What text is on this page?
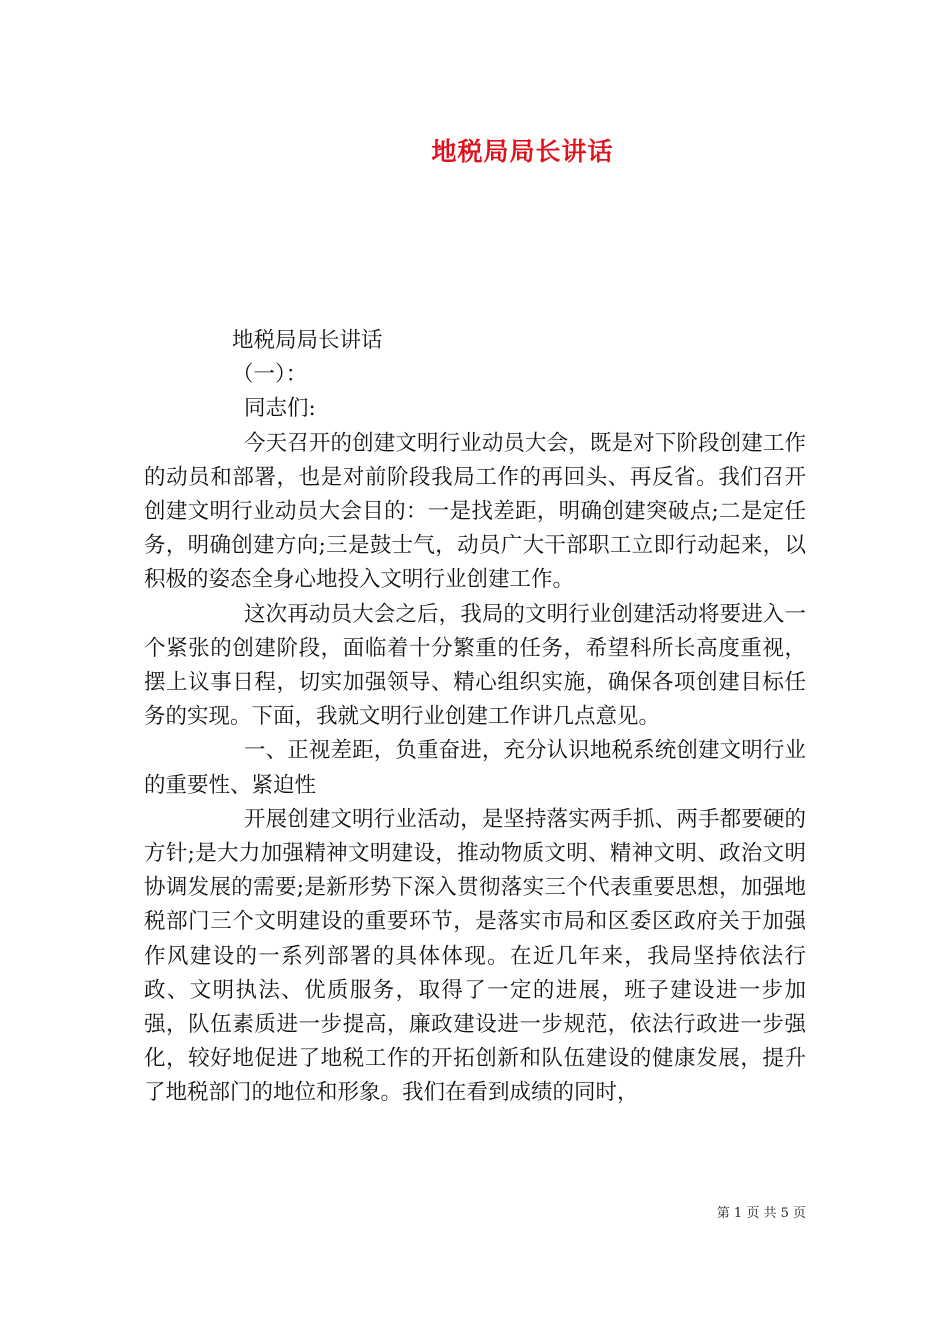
地税局局长讲话

地税局局长讲话

（一）：

同志们:

今天召开的创建文明行业动员大会，既是对下阶段创建工作的动员和部署，也是对前阶段我局工作的再回头、再反省。我们召开创建文明行业动员大会目的：一是找差距，明确创建突破点;二是定任务，明确创建方向;三是鼓士气，动员广大干部职工立即行动起来，以积极的姿态全身心地投入文明行业创建工作。

这次再动员大会之后，我局的文明行业创建活动将要进入一个紧张的创建阶段，面临着十分繁重的任务，希望科所长高度重视，摆上议事日程，切实加强领导、精心组织实施，确保各项创建目标任务的实现。下面，我就文明行业创建工作讲几点意见。

一、正视差距，负重奋进，充分认识地税系统创建文明行业的重要性、紧迫性

开展创建文明行业活动，是坚持落实两手抓、两手都要硬的方针;是大力加强精神文明建设，推动物质文明、精神文明、政治文明协调发展的需要;是新形势下深入贯彻落实三个代表重要思想，加强地税部门三个文明建设的重要环节，是落实市局和区委区政府关于加强作风建设的一系列部署的具体体现。在近几年来，我局坚持依法行政、文明执法、优质服务，取得了一定的进展，班子建设进一步加强，队伍素质进一步提高，廉政建设进一步规范，依法行政进一步强化，较好地促进了地税工作的开拓创新和队伍建设的健康发展，提升了地税部门的地位和形象。我们在看到成绩的同时，

第 1 页 共 5 页
